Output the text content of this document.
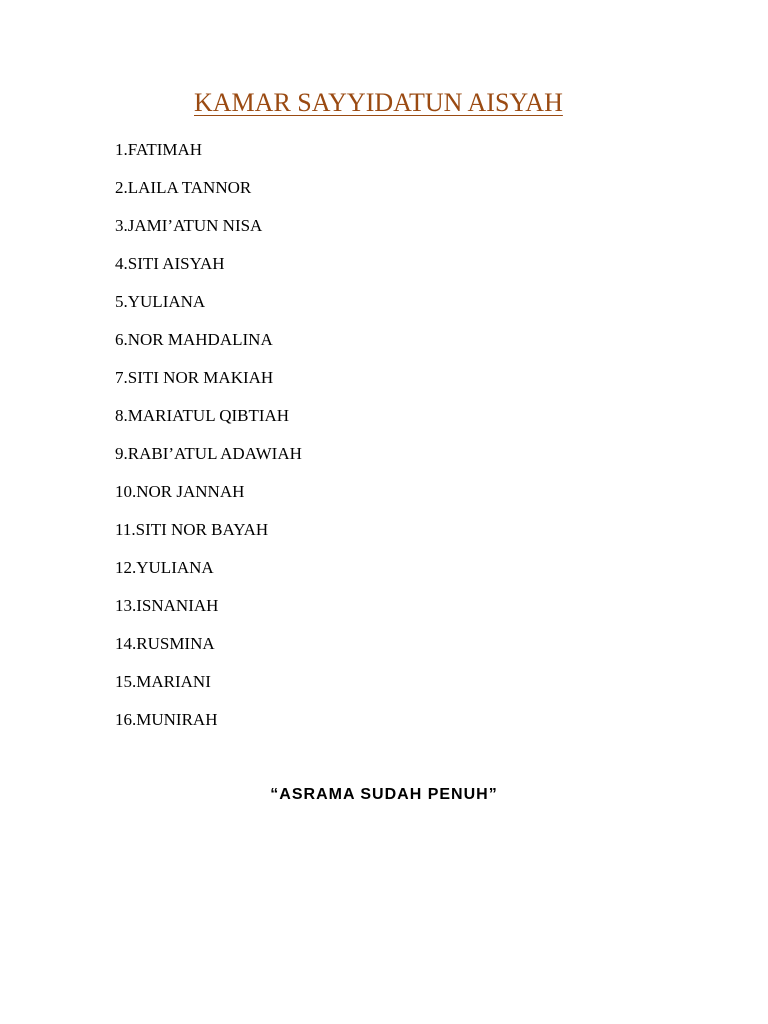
KAMAR SAYYIDATUN AISYAH
1.FATIMAH
2.LAILA TANNOR
3.JAMI’ATUN NISA
4.SITI AISYAH
5.YULIANA
6.NOR MAHDALINA
7.SITI NOR MAKIAH
8.MARIATUL QIBTIAH
9.RABI’ATUL ADAWIAH
10.NOR JANNAH
11.SITI NOR BAYAH
12.YULIANA
13.ISNANIAH
14.RUSMINA
15.MARIANI
16.MUNIRAH

“ASRAMA SUDAH PENUH”
